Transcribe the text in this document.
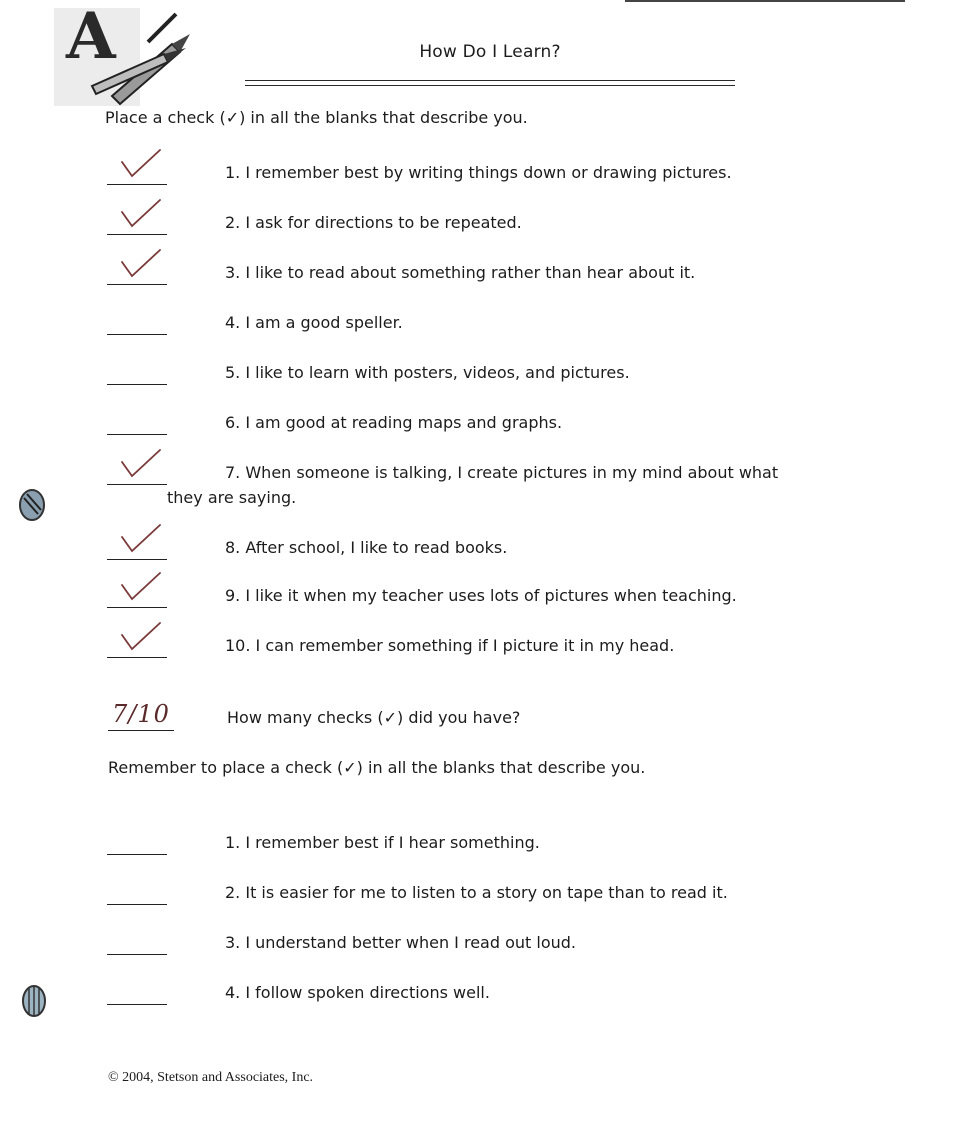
A	How Do I Learn?
Place a check (✓) in all the blanks that describe you.
1. I remember best by writing things down or drawing pictures.
2. I ask for directions to be repeated.
3. I like to read about something rather than hear about it.
4. I am a good speller.
5. I like to learn with posters, videos, and pictures.
6. I am good at reading maps and graphs.
7. When someone is talking, I create pictures in my mind about what
they are saying.
8. After school, I like to read books.
9. I like it when my teacher uses lots of pictures when teaching.
10. I can remember something if I picture it in my head.
7/10	How many checks (✓) did you have?
Remember to place a check (✓) in all the blanks that describe you.
1. I remember best if I hear something.
2. It is easier for me to listen to a story on tape than to read it.
3. I understand better when I read out loud.
4. I follow spoken directions well.
© 2004, Stetson and Associates, Inc.
